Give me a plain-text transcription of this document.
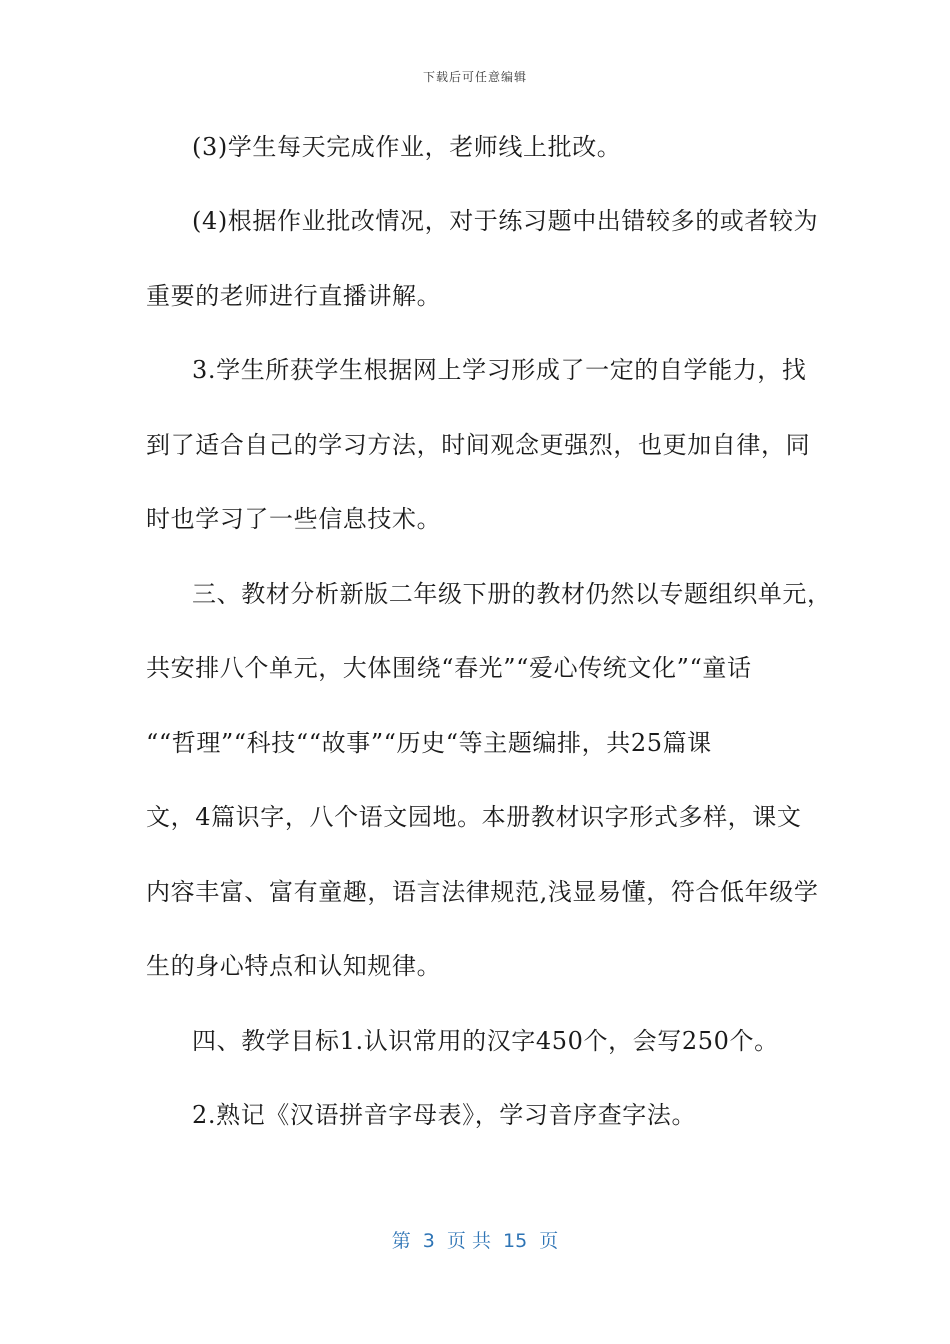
下载后可任意编辑
(3)学生每天完成作业，老师线上批改。
(4)根据作业批改情况，对于练习题中出错较多的或者较为
重要的老师进行直播讲解。
3.学生所获学生根据网上学习形成了一定的自学能力，找
到了适合自己的学习方法，时间观念更强烈，也更加自律，同
时也学习了一些信息技术。
三、教材分析新版二年级下册的教材仍然以专题组织单元，
共安排八个单元，大体围绕“春光”“爱心传统文化”“童话
““哲理”“科技““故事”“历史“等主题编排，共25篇课
文，4篇识字，八个语文园地。本册教材识字形式多样，课文
内容丰富、富有童趣，语言法律规范,浅显易懂，符合低年级学
生的身心特点和认知规律。
四、教学目标1.认识常用的汉字450个，会写250个。
2.熟记《汉语拼音字母表》，学习音序查字法。
第  3  页 共  15  页
